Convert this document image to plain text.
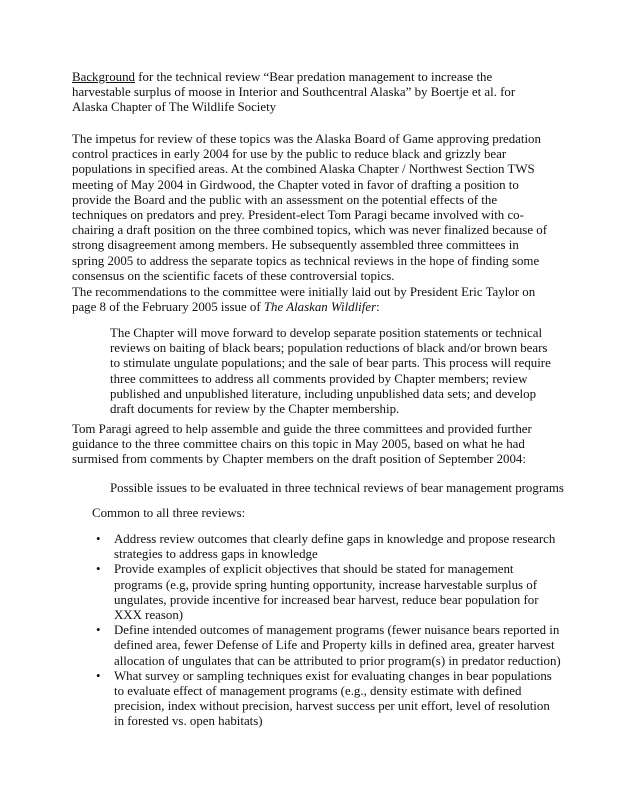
Background for the technical review “Bear predation management to increase the harvestable surplus of moose in Interior and Southcentral Alaska” by Boertje et al. for Alaska Chapter of The Wildlife Society

The impetus for review of these topics was the Alaska Board of Game approving predation control practices in early 2004 for use by the public to reduce black and grizzly bear populations in specified areas. At the combined Alaska Chapter / Northwest Section TWS meeting of May 2004 in Girdwood, the Chapter voted in favor of drafting a position to provide the Board and the public with an assessment on the potential effects of the techniques on predators and prey. President-elect Tom Paragi became involved with co-chairing a draft position on the three combined topics, which was never finalized because of strong disagreement among members. He subsequently assembled three committees in spring 2005 to address the separate topics as technical reviews in the hope of finding some consensus on the scientific facets of these controversial topics.

The recommendations to the committee were initially laid out by President Eric Taylor on page 8 of the February 2005 issue of The Alaskan Wildlifer:

The Chapter will move forward to develop separate position statements or technical reviews on baiting of black bears; population reductions of black and/or brown bears to stimulate ungulate populations; and the sale of bear parts. This process will require three committees to address all comments provided by Chapter members; review published and unpublished literature, including unpublished data sets; and develop draft documents for review by the Chapter membership.

Tom Paragi agreed to help assemble and guide the three committees and provided further guidance to the three committee chairs on this topic in May 2005, based on what he had surmised from comments by Chapter members on the draft position of September 2004:

Possible issues to be evaluated in three technical reviews of bear management programs

Common to all three reviews:

• Address review outcomes that clearly define gaps in knowledge and propose research strategies to address gaps in knowledge
• Provide examples of explicit objectives that should be stated for management programs (e.g, provide spring hunting opportunity, increase harvestable surplus of ungulates, provide incentive for increased bear harvest, reduce bear population for XXX reason)
• Define intended outcomes of management programs (fewer nuisance bears reported in defined area, fewer Defense of Life and Property kills in defined area, greater harvest allocation of ungulates that can be attributed to prior program(s) in predator reduction)
• What survey or sampling techniques exist for evaluating changes in bear populations to evaluate effect of management programs (e.g., density estimate with defined precision, index without precision, harvest success per unit effort, level of resolution in forested vs. open habitats)
